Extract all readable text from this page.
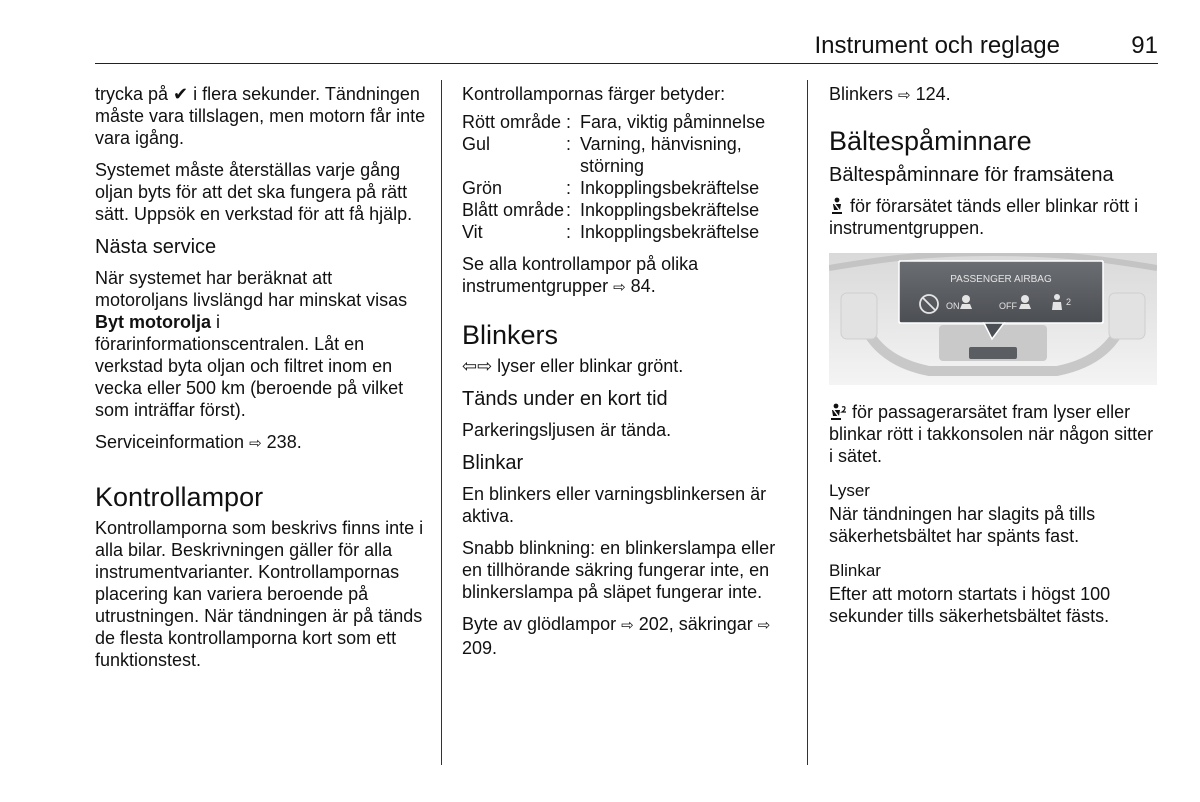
Instrument och reglage	91

trycka på ✔ i flera sekunder. Tändningen måste vara tillslagen, men motorn får inte vara igång.

Systemet måste återställas varje gång oljan byts för att det ska fungera på rätt sätt. Uppsök en verkstad för att få hjälp.

Nästa service

När systemet har beräknat att motoroljans livslängd har minskat visas Byt motorolja i förarinformationscentralen. Låt en verkstad byta oljan och filtret inom en vecka eller 500 km (beroende på vilket som inträffar först).

Serviceinformation ⇨ 238.

Kontrollampor

Kontrollamporna som beskrivs finns inte i alla bilar. Beskrivningen gäller för alla instrumentvarianter. Kontrollampornas placering kan variera beroende på utrustningen. När tändningen är på tänds de flesta kontrollamporna kort som ett funktionstest.

Kontrollampornas färger betyder:

Rött område	:	Fara, viktig påminnelse
Gul	:	Varning, hänvisning, störning
Grön	:	Inkopplingsbekräftelse
Blått område	:	Inkopplingsbekräftelse
Vit	:	Inkopplingsbekräftelse

Se alla kontrollampor på olika instrumentgrupper ⇨ 84.

Blinkers

⇦⇨ lyser eller blinkar grönt.

Tänds under en kort tid

Parkeringsljusen är tända.

Blinkar

En blinkers eller varningsblinkersen är aktiva.

Snabb blinkning: en blinkerslampa eller en tillhörande säkring fungerar inte, en blinkerslampa på släpet fungerar inte.

Byte av glödlampor ⇨ 202, säkringar ⇨ 209.

Blinkers ⇨ 124.

Bältespåminnare
Bältespåminnare för framsätena

för förarsätet tänds eller blinkar rött i instrumentgruppen.

PASSENGER AIRBAG
ON	OFF	2

för passagerarsätet fram lyser eller blinkar rött i takkonsolen när någon sitter i sätet.

Lyser

När tändningen har slagits på tills säkerhetsbältet har spänts fast.

Blinkar

Efter att motorn startats i högst 100 sekunder tills säkerhetsbältet fästs.
